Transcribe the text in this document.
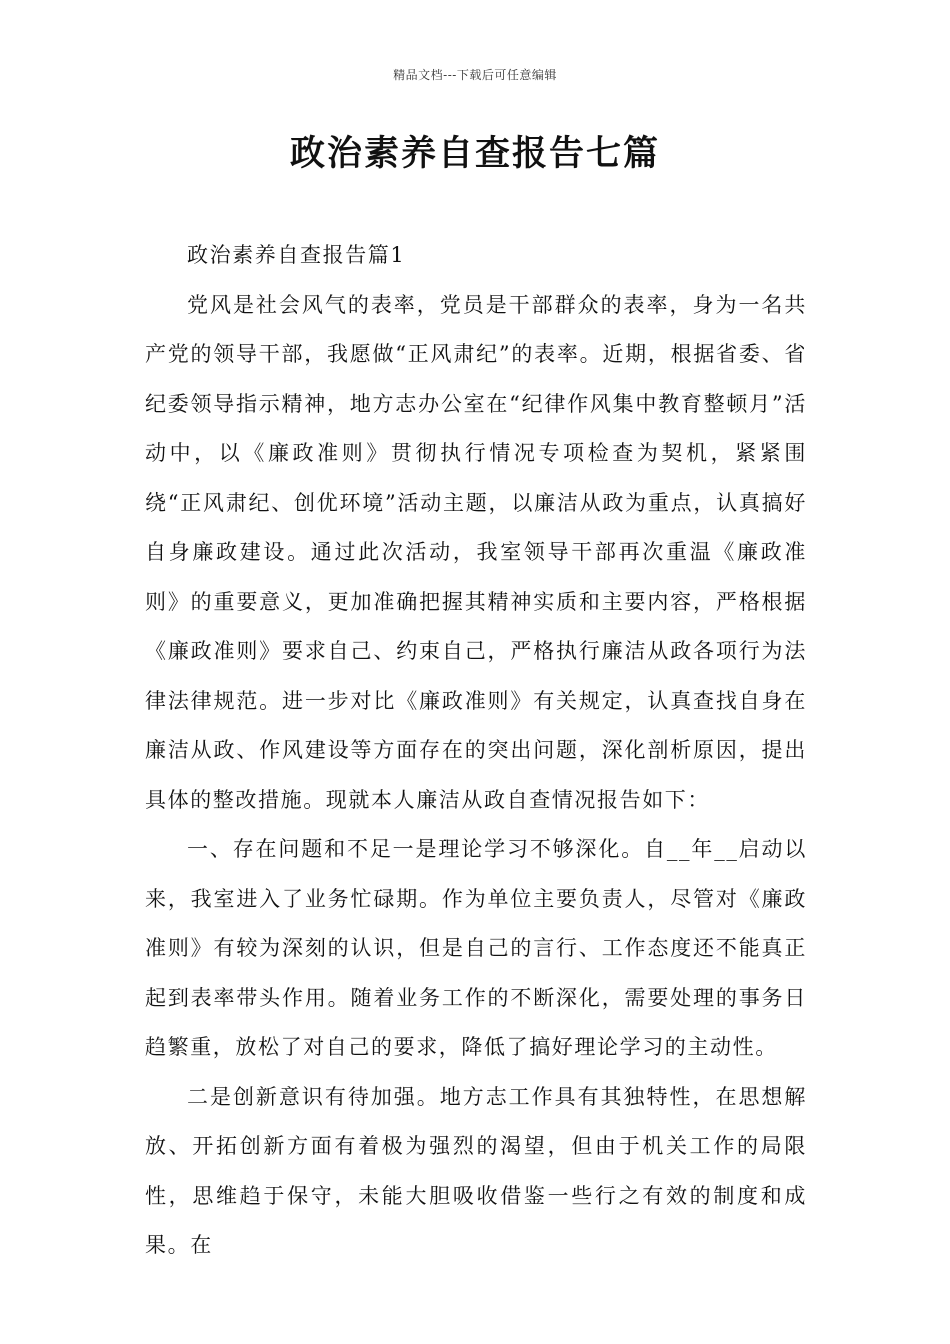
精品文档---下载后可任意编辑
政治素养自查报告七篇

政治素养自查报告篇1

党风是社会风气的表率，党员是干部群众的表率，身为一名共产党的领导干部，我愿做“正风肃纪”的表率。近期，根据省委、省纪委领导指示精神，地方志办公室在“纪律作风集中教育整顿月”活动中，以《廉政准则》贯彻执行情况专项检查为契机，紧紧围绕“正风肃纪、创优环境”活动主题，以廉洁从政为重点，认真搞好自身廉政建设。通过此次活动，我室领导干部再次重温《廉政准则》的重要意义，更加准确把握其精神实质和主要内容，严格根据《廉政准则》要求自己、约束自己，严格执行廉洁从政各项行为法律法律规范。进一步对比《廉政准则》有关规定，认真查找自身在廉洁从政、作风建设等方面存在的突出问题，深化剖析原因，提出具体的整改措施。现就本人廉洁从政自查情况报告如下：

一、存在问题和不足一是理论学习不够深化。自__年__启动以来，我室进入了业务忙碌期。作为单位主要负责人，尽管对《廉政准则》有较为深刻的认识，但是自己的言行、工作态度还不能真正起到表率带头作用。随着业务工作的不断深化，需要处理的事务日趋繁重，放松了对自己的要求，降低了搞好理论学习的主动性。

二是创新意识有待加强。地方志工作具有其独特性，在思想解放、开拓创新方面有着极为强烈的渴望，但由于机关工作的局限性，思维趋于保守，未能大胆吸收借鉴一些行之有效的制度和成果。在
